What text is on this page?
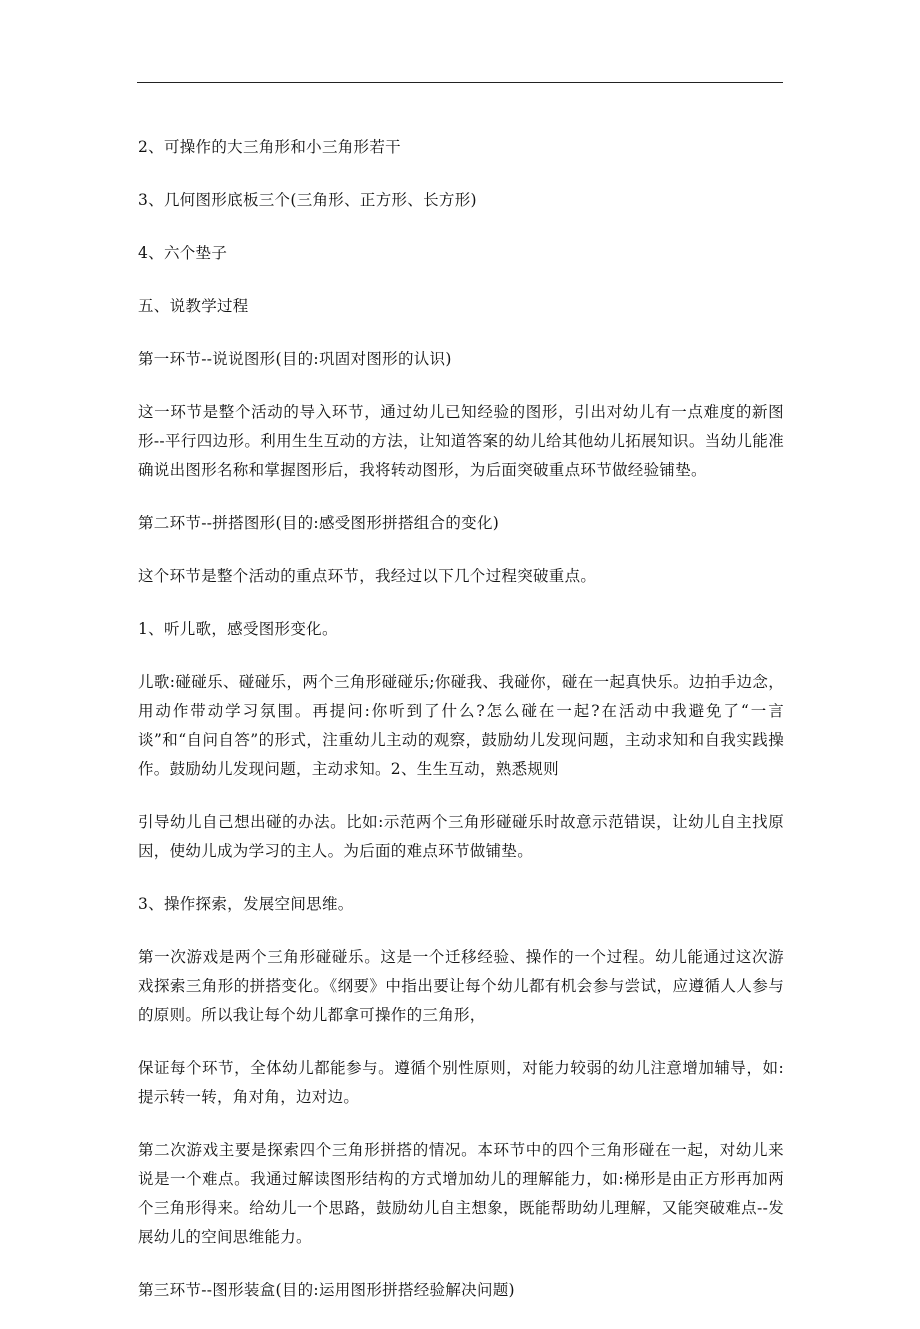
2、可操作的大三角形和小三角形若干

3、几何图形底板三个(三角形、正方形、长方形)

4、六个垫子

五、说教学过程

第一环节--说说图形(目的:巩固对图形的认识)

这一环节是整个活动的导入环节，通过幼儿已知经验的图形，引出对幼儿有一点难度的新图形--平行四边形。利用生生互动的方法，让知道答案的幼儿给其他幼儿拓展知识。当幼儿能准确说出图形名称和掌握图形后，我将转动图形，为后面突破重点环节做经验铺垫。

第二环节--拼搭图形(目的:感受图形拼搭组合的变化)

这个环节是整个活动的重点环节，我经过以下几个过程突破重点。

1、听儿歌，感受图形变化。

儿歌:碰碰乐、碰碰乐，两个三角形碰碰乐;你碰我、我碰你，碰在一起真快乐。边拍手边念，用动作带动学习氛围。再提问:你听到了什么?怎么碰在一起?在活动中我避免了“一言谈”和“自问自答”的形式，注重幼儿主动的观察，鼓励幼儿发现问题，主动求知和自我实践操作。鼓励幼儿发现问题，主动求知。2、生生互动，熟悉规则

引导幼儿自己想出碰的办法。比如:示范两个三角形碰碰乐时故意示范错误，让幼儿自主找原因，使幼儿成为学习的主人。为后面的难点环节做铺垫。

3、操作探索，发展空间思维。

第一次游戏是两个三角形碰碰乐。这是一个迁移经验、操作的一个过程。幼儿能通过这次游戏探索三角形的拼搭变化。《纲要》中指出要让每个幼儿都有机会参与尝试，应遵循人人参与的原则。所以我让每个幼儿都拿可操作的三角形，

保证每个环节，全体幼儿都能参与。遵循个别性原则，对能力较弱的幼儿注意增加辅导，如:提示转一转，角对角，边对边。

第二次游戏主要是探索四个三角形拼搭的情况。本环节中的四个三角形碰在一起，对幼儿来说是一个难点。我通过解读图形结构的方式增加幼儿的理解能力，如:梯形是由正方形再加两个三角形得来。给幼儿一个思路，鼓励幼儿自主想象，既能帮助幼儿理解，又能突破难点--发展幼儿的空间思维能力。

第三环节--图形装盒(目的:运用图形拼搭经验解决问题)
